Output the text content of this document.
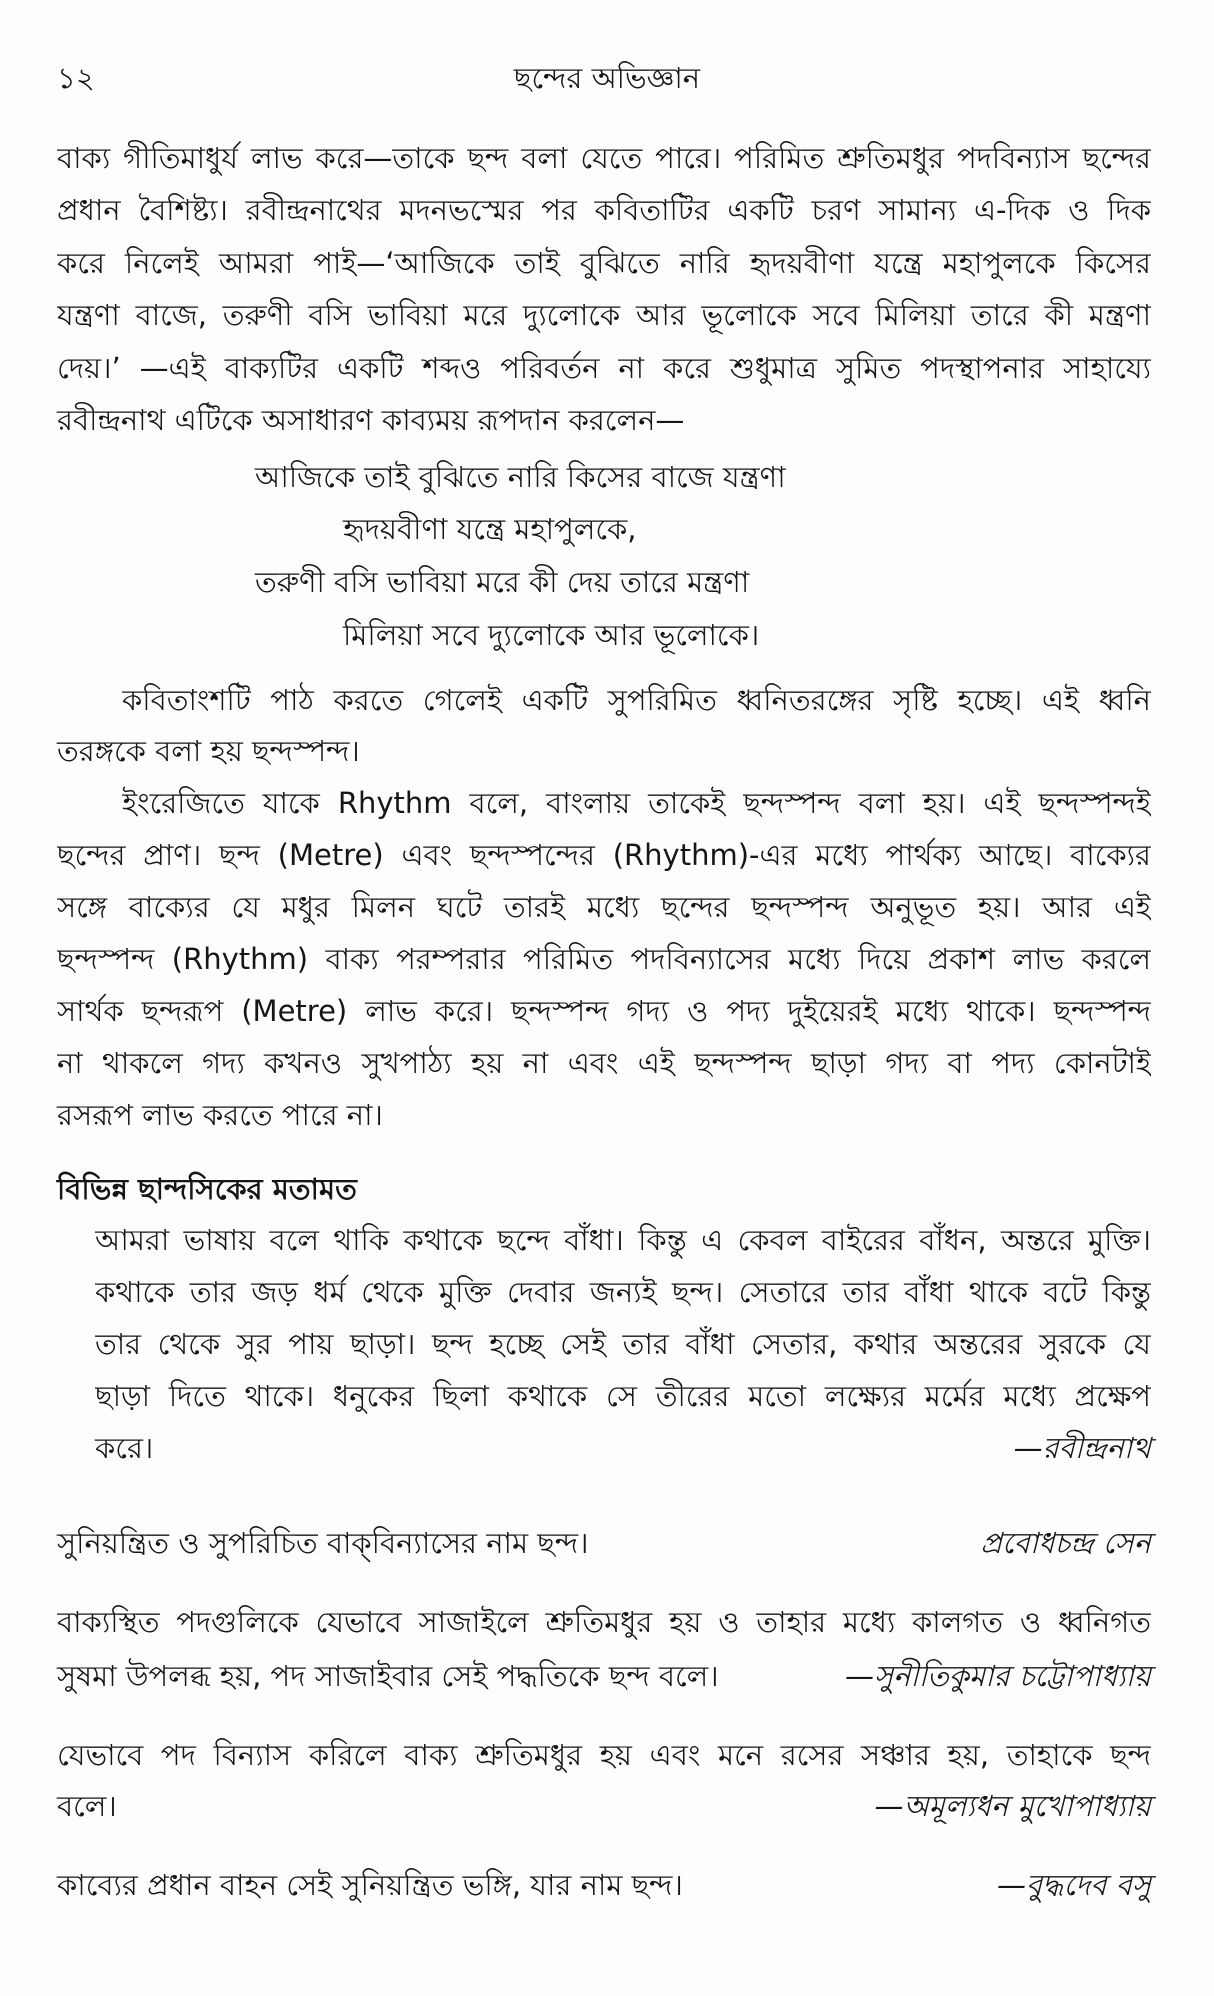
১২	ছন্দের অভিজ্ঞান
বাক্য গীতিমাধুর্য লাভ করে—তাকে ছন্দ বলা যেতে পারে। পরিমিত শ্রুতিমধুর পদবিন্যাস ছন্দের
প্রধান বৈশিষ্ট্য। রবীন্দ্রনাথের মদনভস্মের পর কবিতাটির একটি চরণ সামান্য এ-দিক ও দিক
করে নিলেই আমরা পাই—‘আজিকে তাই বুঝিতে নারি হৃদয়বীণা যন্ত্রে মহাপুলকে কিসের
যন্ত্রণা বাজে, তরুণী বসি ভাবিয়া মরে দ্যুলোকে আর ভূলোকে সবে মিলিয়া তারে কী মন্ত্রণা
দেয়।’ —এই বাক্যটির একটি শব্দও পরিবর্তন না করে শুধুমাত্র সুমিত পদস্থাপনার সাহায্যে
রবীন্দ্রনাথ এটিকে অসাধারণ কাব্যময় রূপদান করলেন—
আজিকে তাই বুঝিতে নারি কিসের বাজে যন্ত্রণা
হৃদয়বীণা যন্ত্রে মহাপুলকে,
তরুণী বসি ভাবিয়া মরে কী দেয় তারে মন্ত্রণা
মিলিয়া সবে দ্যুলোকে আর ভূলোকে।
কবিতাংশটি পাঠ করতে গেলেই একটি সুপরিমিত ধ্বনিতরঙ্গের সৃষ্টি হচ্ছে। এই ধ্বনি
তরঙ্গকে বলা হয় ছন্দস্পন্দ।
ইংরেজিতে যাকে Rhythm বলে, বাংলায় তাকেই ছন্দস্পন্দ বলা হয়। এই ছন্দস্পন্দই
ছন্দের প্রাণ। ছন্দ (Metre) এবং ছন্দস্পন্দের (Rhythm)-এর মধ্যে পার্থক্য আছে। বাক্যের
সঙ্গে বাক্যের যে মধুর মিলন ঘটে তারই মধ্যে ছন্দের ছন্দস্পন্দ অনুভূত হয়। আর এই
ছন্দস্পন্দ (Rhythm) বাক্য পরম্পরার পরিমিত পদবিন্যাসের মধ্যে দিয়ে প্রকাশ লাভ করলে
সার্থক ছন্দরূপ (Metre) লাভ করে। ছন্দস্পন্দ গদ্য ও পদ্য দুইয়েরই মধ্যে থাকে। ছন্দস্পন্দ
না থাকলে গদ্য কখনও সুখপাঠ্য হয় না এবং এই ছন্দস্পন্দ ছাড়া গদ্য বা পদ্য কোনটাই
রসরূপ লাভ করতে পারে না।
বিভিন্ন ছান্দসিকের মতামত
আমরা ভাষায় বলে থাকি কথাকে ছন্দে বাঁধা। কিন্তু এ কেবল বাইরের বাঁধন, অন্তরে মুক্তি।
কথাকে তার জড় ধর্ম থেকে মুক্তি দেবার জন্যই ছন্দ। সেতারে তার বাঁধা থাকে বটে কিন্তু
তার থেকে সুর পায় ছাড়া। ছন্দ হচ্ছে সেই তার বাঁধা সেতার, কথার অন্তরের সুরকে যে
ছাড়া দিতে থাকে। ধনুকের ছিলা কথাকে সে তীরের মতো লক্ষ্যের মর্মের মধ্যে প্রক্ষেপ
করে।	—রবীন্দ্রনাথ
সুনিয়ন্ত্রিত ও সুপরিচিত বাক্‌বিন্যাসের নাম ছন্দ।	প্রবোধচন্দ্র সেন
বাক্যস্থিত পদগুলিকে যেভাবে সাজাইলে শ্রুতিমধুর হয় ও তাহার মধ্যে কালগত ও ধ্বনিগত
সুষমা উপলব্ধ হয়, পদ সাজাইবার সেই পদ্ধতিকে ছন্দ বলে।	—সুনীতিকুমার চট্টোপাধ্যায়
যেভাবে পদ বিন্যাস করিলে বাক্য শ্রুতিমধুর হয় এবং মনে রসের সঞ্চার হয়, তাহাকে ছন্দ
বলে।	—অমূল্যধন মুখোপাধ্যায়
কাব্যের প্রধান বাহন সেই সুনিয়ন্ত্রিত ভঙ্গি, যার নাম ছন্দ।	—বুদ্ধদেব বসু
